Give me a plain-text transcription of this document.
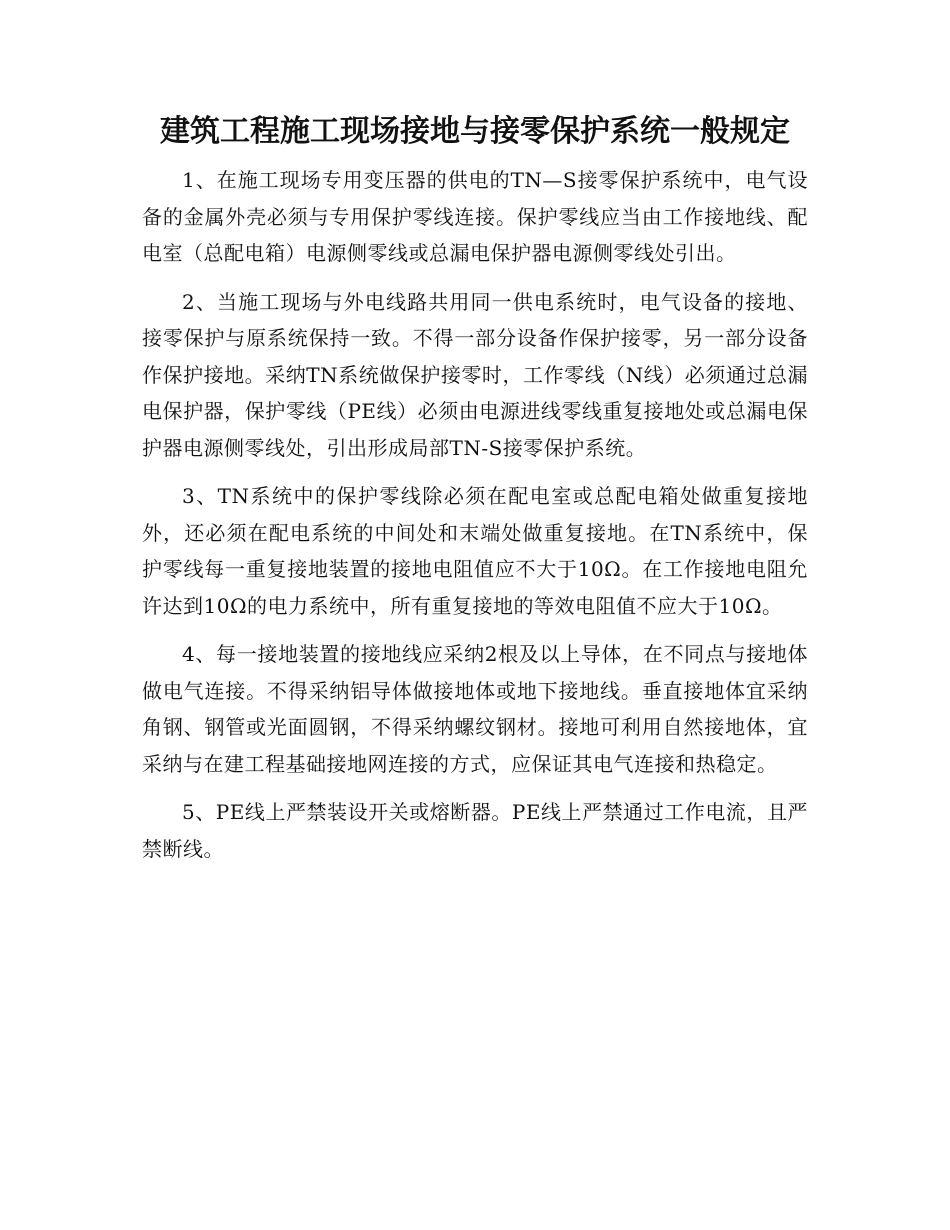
建筑工程施工现场接地与接零保护系统一般规定

1、在施工现场专用变压器的供电的TN—S接零保护系统中，电气设备的金属外壳必须与专用保护零线连接。保护零线应当由工作接地线、配电室（总配电箱）电源侧零线或总漏电保护器电源侧零线处引出。

2、当施工现场与外电线路共用同一供电系统时，电气设备的接地、接零保护与原系统保持一致。不得一部分设备作保护接零，另一部分设备作保护接地。采纳TN系统做保护接零时，工作零线（N线）必须通过总漏电保护器，保护零线（PE线）必须由电源进线零线重复接地处或总漏电保护器电源侧零线处，引出形成局部TN-S接零保护系统。

3、TN系统中的保护零线除必须在配电室或总配电箱处做重复接地外，还必须在配电系统的中间处和末端处做重复接地。在TN系统中，保护零线每一重复接地装置的接地电阻值应不大于10Ω。在工作接地电阻允许达到10Ω的电力系统中，所有重复接地的等效电阻值不应大于10Ω。

4、每一接地装置的接地线应采纳2根及以上导体，在不同点与接地体做电气连接。不得采纳铝导体做接地体或地下接地线。垂直接地体宜采纳角钢、钢管或光面圆钢，不得采纳螺纹钢材。接地可利用自然接地体，宜采纳与在建工程基础接地网连接的方式，应保证其电气连接和热稳定。

5、PE线上严禁装设开关或熔断器。PE线上严禁通过工作电流，且严禁断线。
